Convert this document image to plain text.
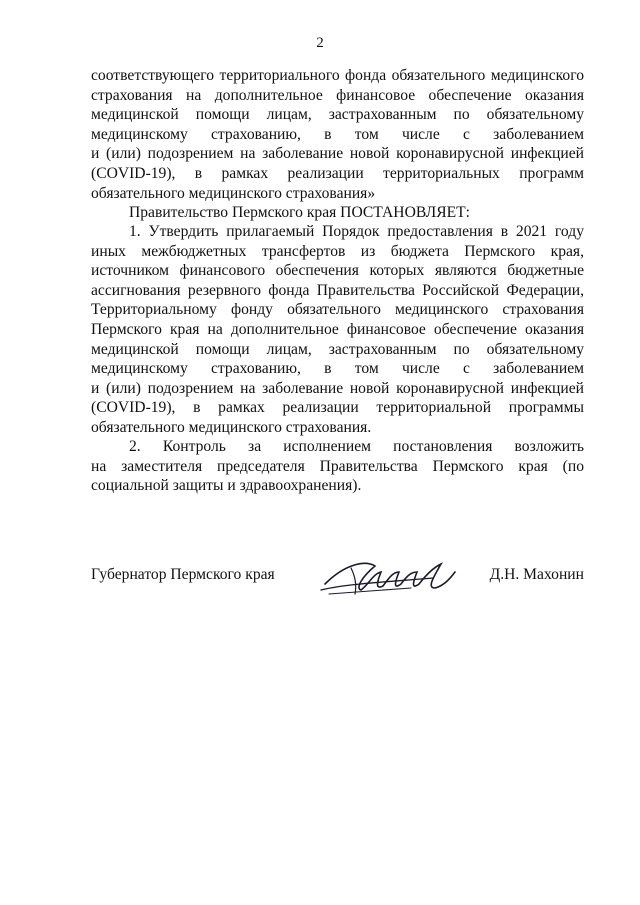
2
соответствующего территориального фонда обязательного медицинского
страхования на дополнительное финансовое обеспечение оказания
медицинской помощи лицам, застрахованным по обязательному
медицинскому страхованию, в том числе с заболеванием
и (или) подозрением на заболевание новой коронавирусной инфекцией
(COVID-19), в рамках реализации территориальных программ
обязательного медицинского страхования»
Правительство Пермского края ПОСТАНОВЛЯЕТ:
1. Утвердить прилагаемый Порядок предоставления в 2021 году
иных межбюджетных трансфертов из бюджета Пермского края,
источником финансового обеспечения которых являются бюджетные
ассигнования резервного фонда Правительства Российской Федерации,
Территориальному фонду обязательного медицинского страхования
Пермского края на дополнительное финансовое обеспечение оказания
медицинской помощи лицам, застрахованным по обязательному
медицинскому страхованию, в том числе с заболеванием
и (или) подозрением на заболевание новой коронавирусной инфекцией
(COVID-19), в рамках реализации территориальной программы
обязательного медицинского страхования.
2. Контроль за исполнением постановления возложить
на заместителя председателя Правительства Пермского края (по
социальной защиты и здравоохранения).
Губернатор Пермского края	Д.Н. Махонин
